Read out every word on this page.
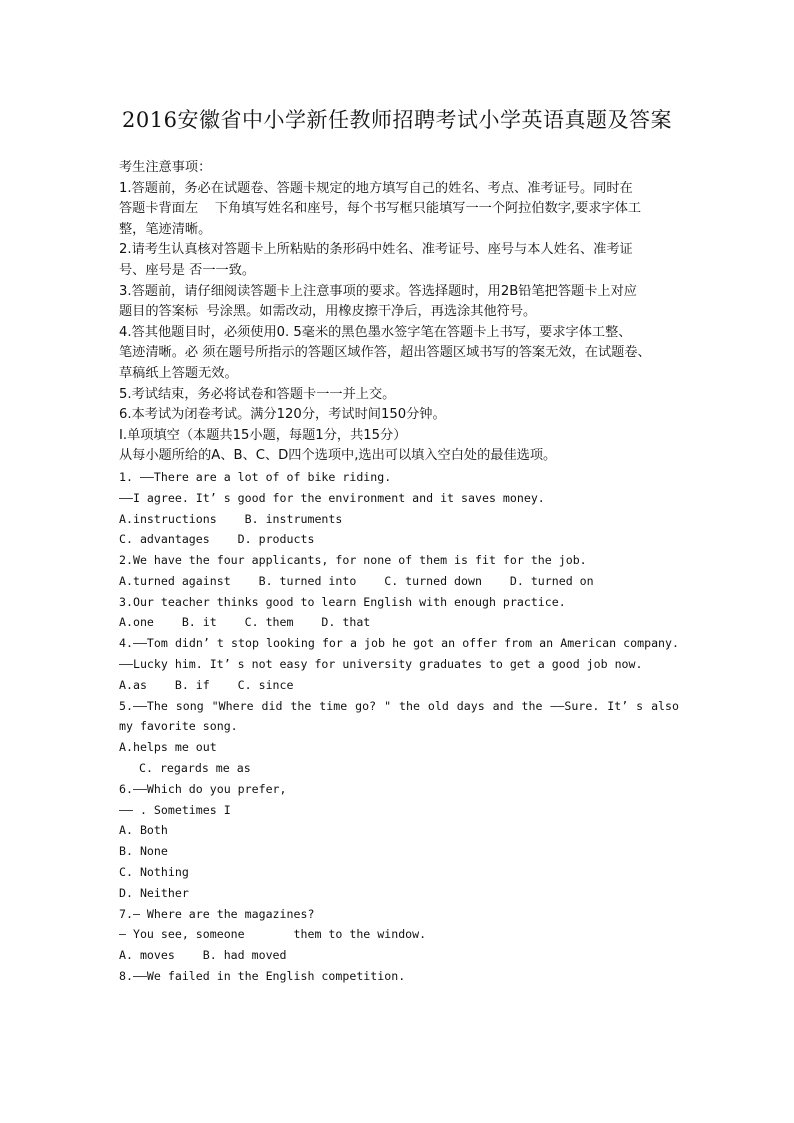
2016安徽省中小学新任教师招聘考试小学英语真题及答案
考生注意事项：
1.答题前，务必在试题卷、答题卡规定的地方填写自己的姓名、考点、准考证号。同时在
答题卡背面左    下角填写姓名和座号，每个书写框只能填写一一个阿拉伯数字,要求字体工
整，笔迹清晰。
2.请考生认真核对答题卡上所粘贴的条形码中姓名、准考证号、座号与本人姓名、准考证
号、座号是 否一一致。
3.答题前，请仔细阅读答题卡上注意事项的要求。答选择题时，用2B铅笔把答题卡上对应
题目的答案标  号涂黑。如需改动，用橡皮擦干净后，再选涂其他符号。
4.答其他题目时，必须使用0. 5毫米的黑色墨水签字笔在答题卡上书写，要求字体工整、
笔迹清晰。必 须在题号所指示的答题区域作答，超出答题区域书写的答案无效，在试题卷、
草稿纸上答题无效。
5.考试结束，务必将试卷和答题卡一一并上交。
6.本考试为闭卷考试。满分120分，考试时间150分钟。
I.单项填空（本题共15小题，每题1分，共15分）
从每小题所给的A、B、C、D四个选项中,选出可以填入空白处的最佳选项。
1. ——There are a lot of of bike riding.
——I agree. It’ s good for the environment and it saves money.
A.instructions    B. instruments
C. advantages    D. products
2.We have the four applicants, for none of them is fit for the job.
A.turned against    B. turned into    C. turned down    D. turned on
3.Our teacher thinks good to learn English with enough practice.
A.one    B. it    C. them    D. that
4.——Tom didn’ t stop looking for a job he got an offer from an American company. ——Lucky him. It’ s not easy for university graduates to get a good job now.
A.as    B. if    C. since
5.——The song "Where did the time go? " the old days and the ——Sure. It’ s also my favorite song.
A.helps me out
C. regards me as
6.——Which do you prefer,
—— . Sometimes I
A. Both
B. None
C. Nothing
D. Neither
7.— Where are the magazines?
— You see, someone       them to the window.
A. moves    B. had moved
8.——We failed in the English competition.
